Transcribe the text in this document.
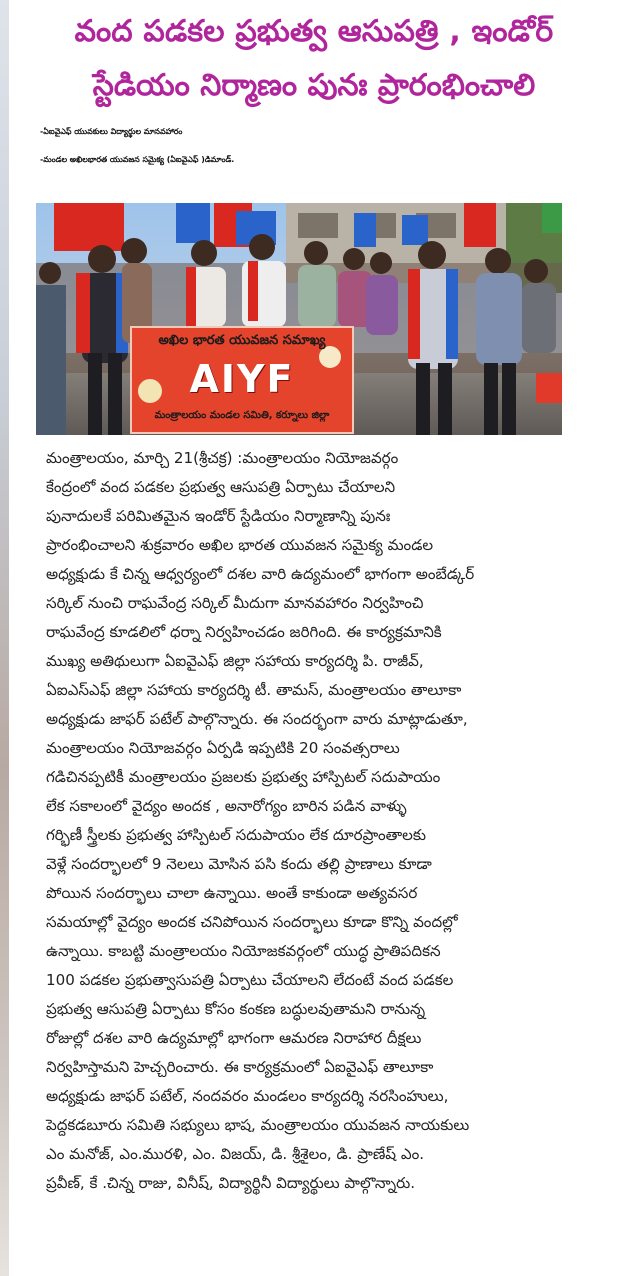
వంద పడకల ప్రభుత్వ ఆసుపత్రి , ఇండోర్
స్టేడియం నిర్మాణం పునః ప్రారంభించాలి
-ఏఐవైఎఫ్ యువకులు విద్యార్థుల మానవహారం
-మండల అఖిలభారత యువజన సమైక్య (ఏఐవైఎఫ్ )డిమాండ్.
అఖిల భారత యువజన సమాఖ్య
AIYF
మంత్రాలయం మండల సమితి, కర్నూలు జిల్లా
మంత్రాలయం, మార్చి 21(శ్రీచక్ర) :మంత్రాలయం నియోజవర్గం
కేంద్రంలో వంద పడకల ప్రభుత్వ ఆసుపత్రి ఏర్పాటు చేయాలని
పునాదులకే పరిమితమైన ఇండోర్ స్టేడియం నిర్మాణాన్ని పునః
ప్రారంభించాలని శుక్రవారం అఖిల భారత యువజన సమైక్య మండల
అధ్యక్షుడు కే చిన్న ఆధ్వర్యంలో దశల వారి ఉద్యమంలో భాగంగా అంబేడ్కర్
సర్కిల్ నుంచి రాఘవేంద్ర సర్కిల్ మీదుగా మానవహారం నిర్వహించి
రాఘవేంద్ర కూడలిలో ధర్నా నిర్వహించడం జరిగింది. ఈ కార్యక్రమానికి
ముఖ్య అతిథులుగా ఏఐవైఎఫ్ జిల్లా సహాయ కార్యదర్శి పి. రాజీవ్,
ఏఐఎస్ఎఫ్ జిల్లా సహాయ కార్యదర్శి టీ. తామస్, మంత్రాలయం తాలూకా
అధ్యక్షుడు జాఫర్ పటేల్ పాల్గొన్నారు. ఈ సందర్భంగా వారు మాట్లాడుతూ,
మంత్రాలయం నియోజవర్గం ఏర్పడి ఇప్పటికి 20 సంవత్సరాలు
గడిచినప్పటికీ మంత్రాలయం ప్రజలకు ప్రభుత్వ హాస్పిటల్ సదుపాయం
లేక సకాలంలో వైద్యం అందక , అనారోగ్యం బారిన పడిన వాళ్ళు
గర్భిణీ స్త్రీలకు ప్రభుత్వ హాస్పిటల్ సదుపాయం లేక దూరప్రాంతాలకు
వెళ్లే సందర్భాలలో 9 నెలలు మోసిన పసి కందు తల్లి ప్రాణాలు కూడా
పోయిన సందర్భాలు చాలా ఉన్నాయి. అంతే కాకుండా అత్యవసర
సమయాల్లో వైద్యం అందక చనిపోయిన సందర్భాలు కూడా కొన్ని వందల్లో
ఉన్నాయి. కాబట్టి మంత్రాలయం నియోజకవర్గంలో యుద్ధ ప్రాతిపదికన
100 పడకల ప్రభుత్వాసుపత్రి ఏర్పాటు చేయాలని లేదంటే వంద పడకల
ప్రభుత్వ ఆసుపత్రి ఏర్పాటు కోసం కంకణ బద్ధులవుతామని రానున్న
రోజుల్లో దశల వారి ఉద్యమాల్లో భాగంగా ఆమరణ నిరాహార దీక్షలు
నిర్వహిస్తామని హెచ్చరించారు. ఈ కార్యక్రమంలో ఏఐవైఎఫ్ తాలూకా
అధ్యక్షుడు జాఫర్ పటేల్, నందవరం మండలం కార్యదర్శి నరసింహులు,
పెద్దకడబూరు సమితి సభ్యులు భాష, మంత్రాలయం యువజన నాయకులు
ఎం మనోజ్, ఎం.మురళి, ఎం. విజయ్, డి. శ్రీశైలం, డి. ప్రాణేష్ ఎం.
ప్రవీణ్, కే .చిన్న రాజు, వినీష్, విద్యార్థినీ విద్యార్థులు పాల్గొన్నారు.
